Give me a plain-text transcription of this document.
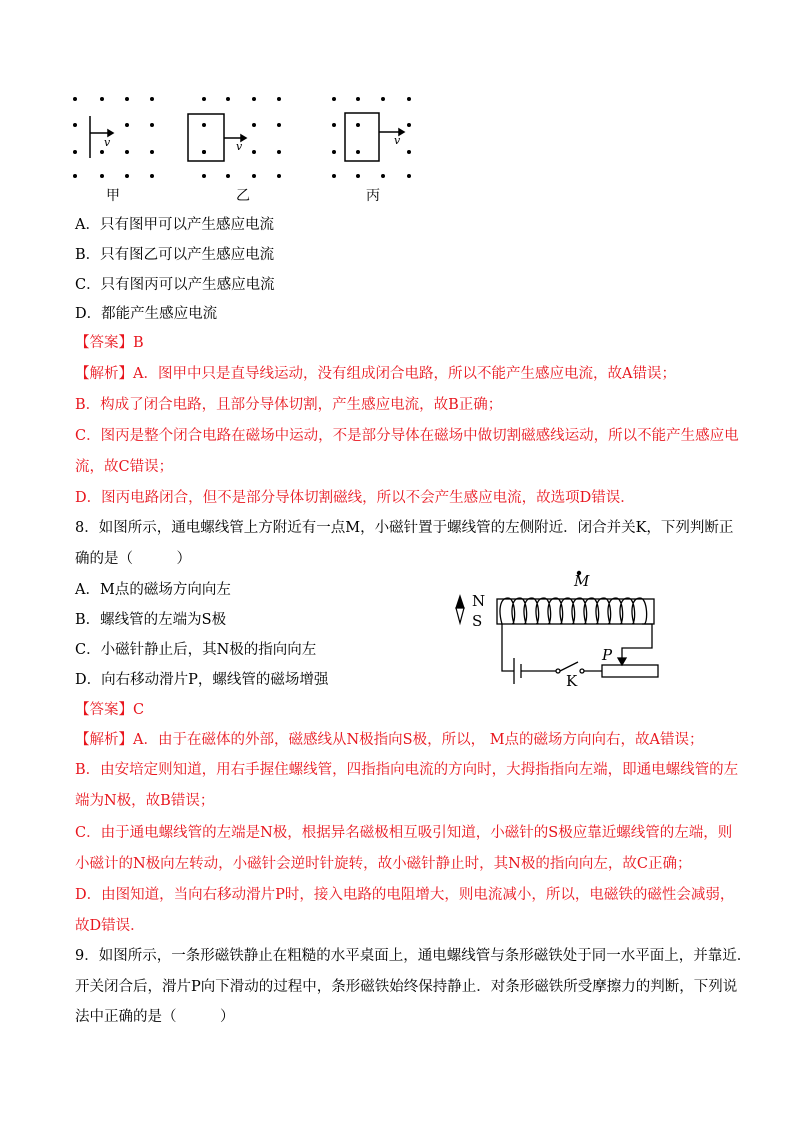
v	v	v
甲	乙	丙
A．只有图甲可以产生感应电流
B．只有图乙可以产生感应电流
C．只有图丙可以产生感应电流
D．都能产生感应电流
【答案】B
【解析】A．图甲中只是直导线运动，没有组成闭合电路，所以不能产生感应电流，故A错误；
B．构成了闭合电路，且部分导体切割，产生感应电流，故B正确；
C．图丙是整个闭合电路在磁场中运动，不是部分导体在磁场中做切割磁感线运动，所以不能产生感应电
流，故C错误；
D．图丙电路闭合，但不是部分导体切割磁线，所以不会产生感应电流，故选项D错误．
8．如图所示，通电螺线管上方附近有一点M，小磁针置于螺线管的左侧附近．闭合并关K，下列判断正
确的是（　　　）
A．M点的磁场方向向左
B．螺线管的左端为S极
C．小磁针静止后，其N极的指向向左
D．向右移动滑片P，螺线管的磁场增强
M
N
S
K
P
【答案】C
【解析】A．由于在磁体的外部，磁感线从N极指向S极，所以， M点的磁场方向向右，故A错误；
B．由安培定则知道，用右手握住螺线管，四指指向电流的方向时，大拇指指向左端，即通电螺线管的左
端为N极，故B错误；
C．由于通电螺线管的左端是N极，根据异名磁极相互吸引知道，小磁针的S极应靠近螺线管的左端，则
小磁计的N极向左转动，小磁针会逆时针旋转，故小磁针静止时，其N极的指向向左，故C正确；
D．由图知道，当向右移动滑片P时，接入电路的电阻增大，则电流减小，所以，电磁铁的磁性会减弱，
故D错误．
9．如图所示，一条形磁铁静止在粗糙的水平桌面上，通电螺线管与条形磁铁处于同一水平面上，并靠近．
开关闭合后，滑片P向下滑动的过程中，条形磁铁始终保持静止．对条形磁铁所受摩擦力的判断，下列说
法中正确的是（　　　）
